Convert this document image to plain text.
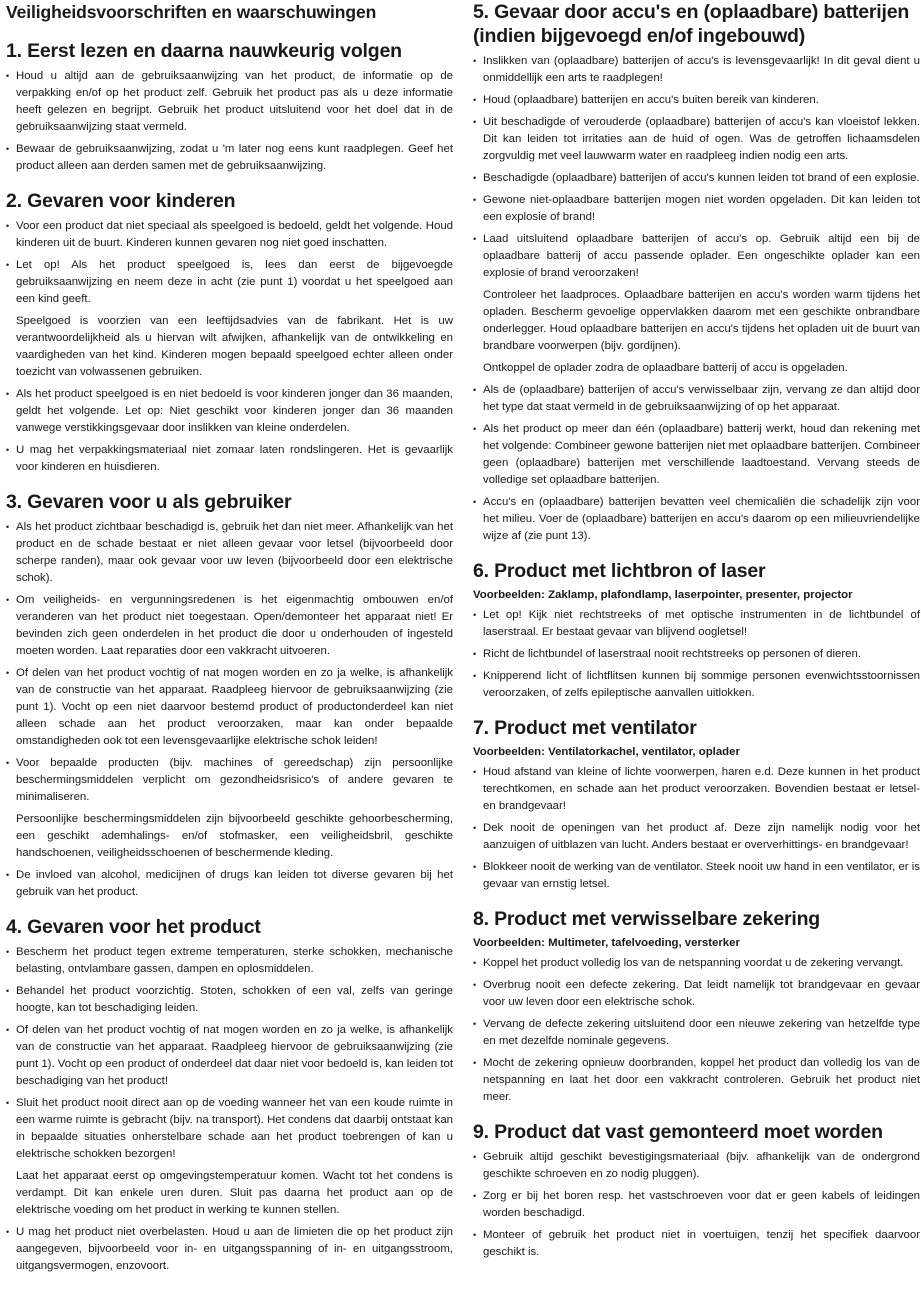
Veiligheidsvoorschriften en waarschuwingen
1. Eerst lezen en daarna nauwkeurig volgen
• Houd u altijd aan de gebruiksaanwijzing van het product, de informatie op de verpakking en/of op het product zelf. Gebruik het product pas als u deze informatie heeft gelezen en begrijpt. Gebruik het product uitsluitend voor het doel dat in de gebruiksaanwijzing staat vermeld.
• Bewaar de gebruiksaanwijzing, zodat u 'm later nog eens kunt raadplegen. Geef het product alleen aan derden samen met de gebruiksaanwijzing.
2. Gevaren voor kinderen
• Voor een product dat niet speciaal als speelgoed is bedoeld, geldt het volgende. Houd kinderen uit de buurt. Kinderen kunnen gevaren nog niet goed inschatten.
• Let op! Als het product speelgoed is, lees dan eerst de bijgevoegde gebruiksaanwijzing en neem deze in acht (zie punt 1) voordat u het speelgoed aan een kind geeft.

Speelgoed is voorzien van een leeftijdsadvies van de fabrikant. Het is uw verantwoordelijkheid als u hiervan wilt afwijken, afhankelijk van de ontwikkeling en vaardigheden van het kind. Kinderen mogen bepaald speelgoed echter alleen onder toezicht van volwassenen gebruiken.

• Als het product speelgoed is en niet bedoeld is voor kinderen jonger dan 36 maanden, geldt het volgende. Let op: Niet geschikt voor kinderen jonger dan 36 maanden vanwege verstikkingsgevaar door inslikken van kleine onderdelen.
• U mag het verpakkingsmateriaal niet zomaar laten rondslingeren. Het is gevaarlijk voor kinderen en huisdieren.
3. Gevaren voor u als gebruiker
• Als het product zichtbaar beschadigd is, gebruik het dan niet meer. Afhankelijk van het product en de schade bestaat er niet alleen gevaar voor letsel (bijvoorbeeld door scherpe randen), maar ook gevaar voor uw leven (bijvoorbeeld door een elektrische schok).
• Om veiligheids- en vergunningsredenen is het eigenmachtig ombouwen en/of veranderen van het product niet toegestaan. Open/demonteer het apparaat niet! Er bevinden zich geen onderdelen in het product die door u onderhouden of ingesteld moeten worden. Laat reparaties door een vakkracht uitvoeren.
• Of delen van het product vochtig of nat mogen worden en zo ja welke, is afhankelijk van de constructie van het apparaat. Raadpleeg hiervoor de gebruiksaanwijzing (zie punt 1). Vocht op een niet daarvoor bestemd product of productonderdeel kan niet alleen schade aan het product veroorzaken, maar kan onder bepaalde omstandigheden ook tot een levensgevaarlijke elektrische schok leiden!
• Voor bepaalde producten (bijv. machines of gereedschap) zijn persoonlijke beschermingsmiddelen verplicht om gezondheidsrisico's of andere gevaren te minimaliseren.

Persoonlijke beschermingsmiddelen zijn bijvoorbeeld geschikte gehoorbescherming, een geschikt ademhalings- en/of stofmasker, een veiligheidsbril, geschikte handschoenen, veiligheidsschoenen of beschermende kleding.

• De invloed van alcohol, medicijnen of drugs kan leiden tot diverse gevaren bij het gebruik van het product.
4. Gevaren voor het product
• Bescherm het product tegen extreme temperaturen, sterke schokken, mechanische belasting, ontvlambare gassen, dampen en oplosmiddelen.
• Behandel het product voorzichtig. Stoten, schokken of een val, zelfs van geringe hoogte, kan tot beschadiging leiden.
• Of delen van het product vochtig of nat mogen worden en zo ja welke, is afhankelijk van de constructie van het apparaat. Raadpleeg hiervoor de gebruiksaanwijzing (zie punt 1). Vocht op een product of onderdeel dat daar niet voor bedoeld is, kan leiden tot beschadiging van het product!
• Sluit het product nooit direct aan op de voeding wanneer het van een koude ruimte in een warme ruimte is gebracht (bijv. na transport). Het condens dat daarbij ontstaat kan in bepaalde situaties onherstelbare schade aan het product toebrengen of kan u elektrische schokken bezorgen!

Laat het apparaat eerst op omgevingstemperatuur komen. Wacht tot het condens is verdampt. Dit kan enkele uren duren. Sluit pas daarna het product aan op de elektrische voeding om het product in werking te kunnen stellen.

• U mag het product niet overbelasten. Houd u aan de limieten die op het product zijn aangegeven, bijvoorbeeld voor in- en uitgangsspanning of in- en uitgangsstroom, uitgangsvermogen, enzovoort.
5. Gevaar door accu's en (oplaadbare) batterijen (indien bijgevoegd en/of ingebouwd)
• Inslikken van (oplaadbare) batterijen of accu's is levensgevaarlijk! In dit geval dient u onmiddellijk een arts te raadplegen!
• Houd (oplaadbare) batterijen en accu's buiten bereik van kinderen.
• Uit beschadigde of verouderde (oplaadbare) batterijen of accu's kan vloeistof lekken. Dit kan leiden tot irritaties aan de huid of ogen. Was de getroffen lichaamsdelen zorgvuldig met veel lauwwarm water en raadpleeg indien nodig een arts.
• Beschadigde (oplaadbare) batterijen of accu's kunnen leiden tot brand of een explosie.
• Gewone niet-oplaadbare batterijen mogen niet worden opgeladen. Dit kan leiden tot een explosie of brand!
• Laad uitsluitend oplaadbare batterijen of accu's op. Gebruik altijd een bij de oplaadbare batterij of accu passende oplader. Een ongeschikte oplader kan een explosie of brand veroorzaken!

Controleer het laadproces. Oplaadbare batterijen en accu's worden warm tijdens het opladen. Bescherm gevoelige oppervlakken daarom met een geschikte onbrandbare onderlegger. Houd oplaadbare batterijen en accu's tijdens het opladen uit de buurt van brandbare voorwerpen (bijv. gordijnen).

Ontkoppel de oplader zodra de oplaadbare batterij of accu is opgeladen.

• Als de (oplaadbare) batterijen of accu's verwisselbaar zijn, vervang ze dan altijd door het type dat staat vermeld in de gebruiksaanwijzing of op het apparaat.
• Als het product op meer dan één (oplaadbare) batterij werkt, houd dan rekening met het volgende: Combineer gewone batterijen niet met oplaadbare batterijen. Combineer geen (oplaadbare) batterijen met verschillende laadtoestand. Vervang steeds de volledige set oplaadbare batterijen.
• Accu's en (oplaadbare) batterijen bevatten veel chemicaliën die schadelijk zijn voor het milieu. Voer de (oplaadbare) batterijen en accu's daarom op een milieuvriendelijke wijze af (zie punt 13).
6. Product met lichtbron of laser
Voorbeelden: Zaklamp, plafondlamp, laserpointer, presenter, projector
• Let op! Kijk niet rechtstreeks of met optische instrumenten in de lichtbundel of laserstraal. Er bestaat gevaar van blijvend oogletsel!
• Richt de lichtbundel of laserstraal nooit rechtstreeks op personen of dieren.
• Knipperend licht of lichtflitsen kunnen bij sommige personen evenwichtsstoornissen veroorzaken, of zelfs epileptische aanvallen uitlokken.
7. Product met ventilator
Voorbeelden: Ventilatorkachel, ventilator, oplader
• Houd afstand van kleine of lichte voorwerpen, haren e.d. Deze kunnen in het product terechtkomen, en schade aan het product veroorzaken. Bovendien bestaat er letsel- en brandgevaar!
• Dek nooit de openingen van het product af. Deze zijn namelijk nodig voor het aanzuigen of uitblazen van lucht. Anders bestaat er oververhittings- en brandgevaar!
• Blokkeer nooit de werking van de ventilator. Steek nooit uw hand in een ventilator, er is gevaar van ernstig letsel.
8. Product met verwisselbare zekering
Voorbeelden: Multimeter, tafelvoeding, versterker
• Koppel het product volledig los van de netspanning voordat u de zekering vervangt.
• Overbrug nooit een defecte zekering. Dat leidt namelijk tot brandgevaar en gevaar voor uw leven door een elektrische schok.
• Vervang de defecte zekering uitsluitend door een nieuwe zekering van hetzelfde type en met dezelfde nominale gegevens.
• Mocht de zekering opnieuw doorbranden, koppel het product dan volledig los van de netspanning en laat het door een vakkracht controleren. Gebruik het product niet meer.
9. Product dat vast gemonteerd moet worden
• Gebruik altijd geschikt bevestigingsmateriaal (bijv. afhankelijk van de ondergrond geschikte schroeven en zo nodig pluggen).
• Zorg er bij het boren resp. het vastschroeven voor dat er geen kabels of leidingen worden beschadigd.
• Monteer of gebruik het product niet in voertuigen, tenzij het specifiek daarvoor geschikt is.
